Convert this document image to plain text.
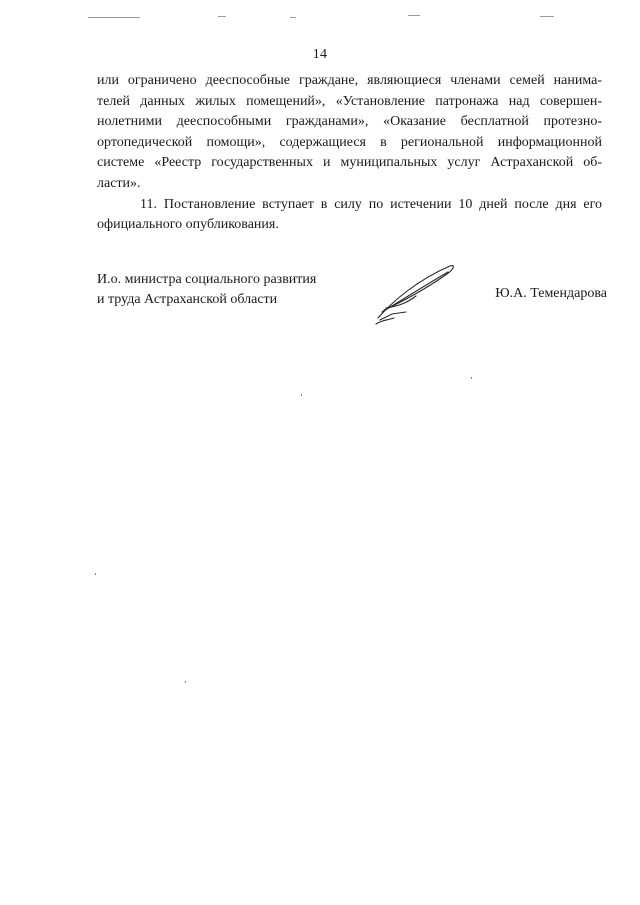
14
или ограничено дееспособные граждане, являющиеся членами семей нанима-
телей данных жилых помещений», «Установление патронажа над совершен-
нолетними дееспособными гражданами», «Оказание бесплатной протезно-
ортопедической помощи», содержащиеся в региональной информационной
системе «Реестр государственных и муниципальных услуг Астраханской об-
ласти».
11. Постановление вступает в силу по истечении 10 дней после дня его
официального опубликования.
И.о. министра социального развития
и труда Астраханской области	Ю.А. Темендарова
